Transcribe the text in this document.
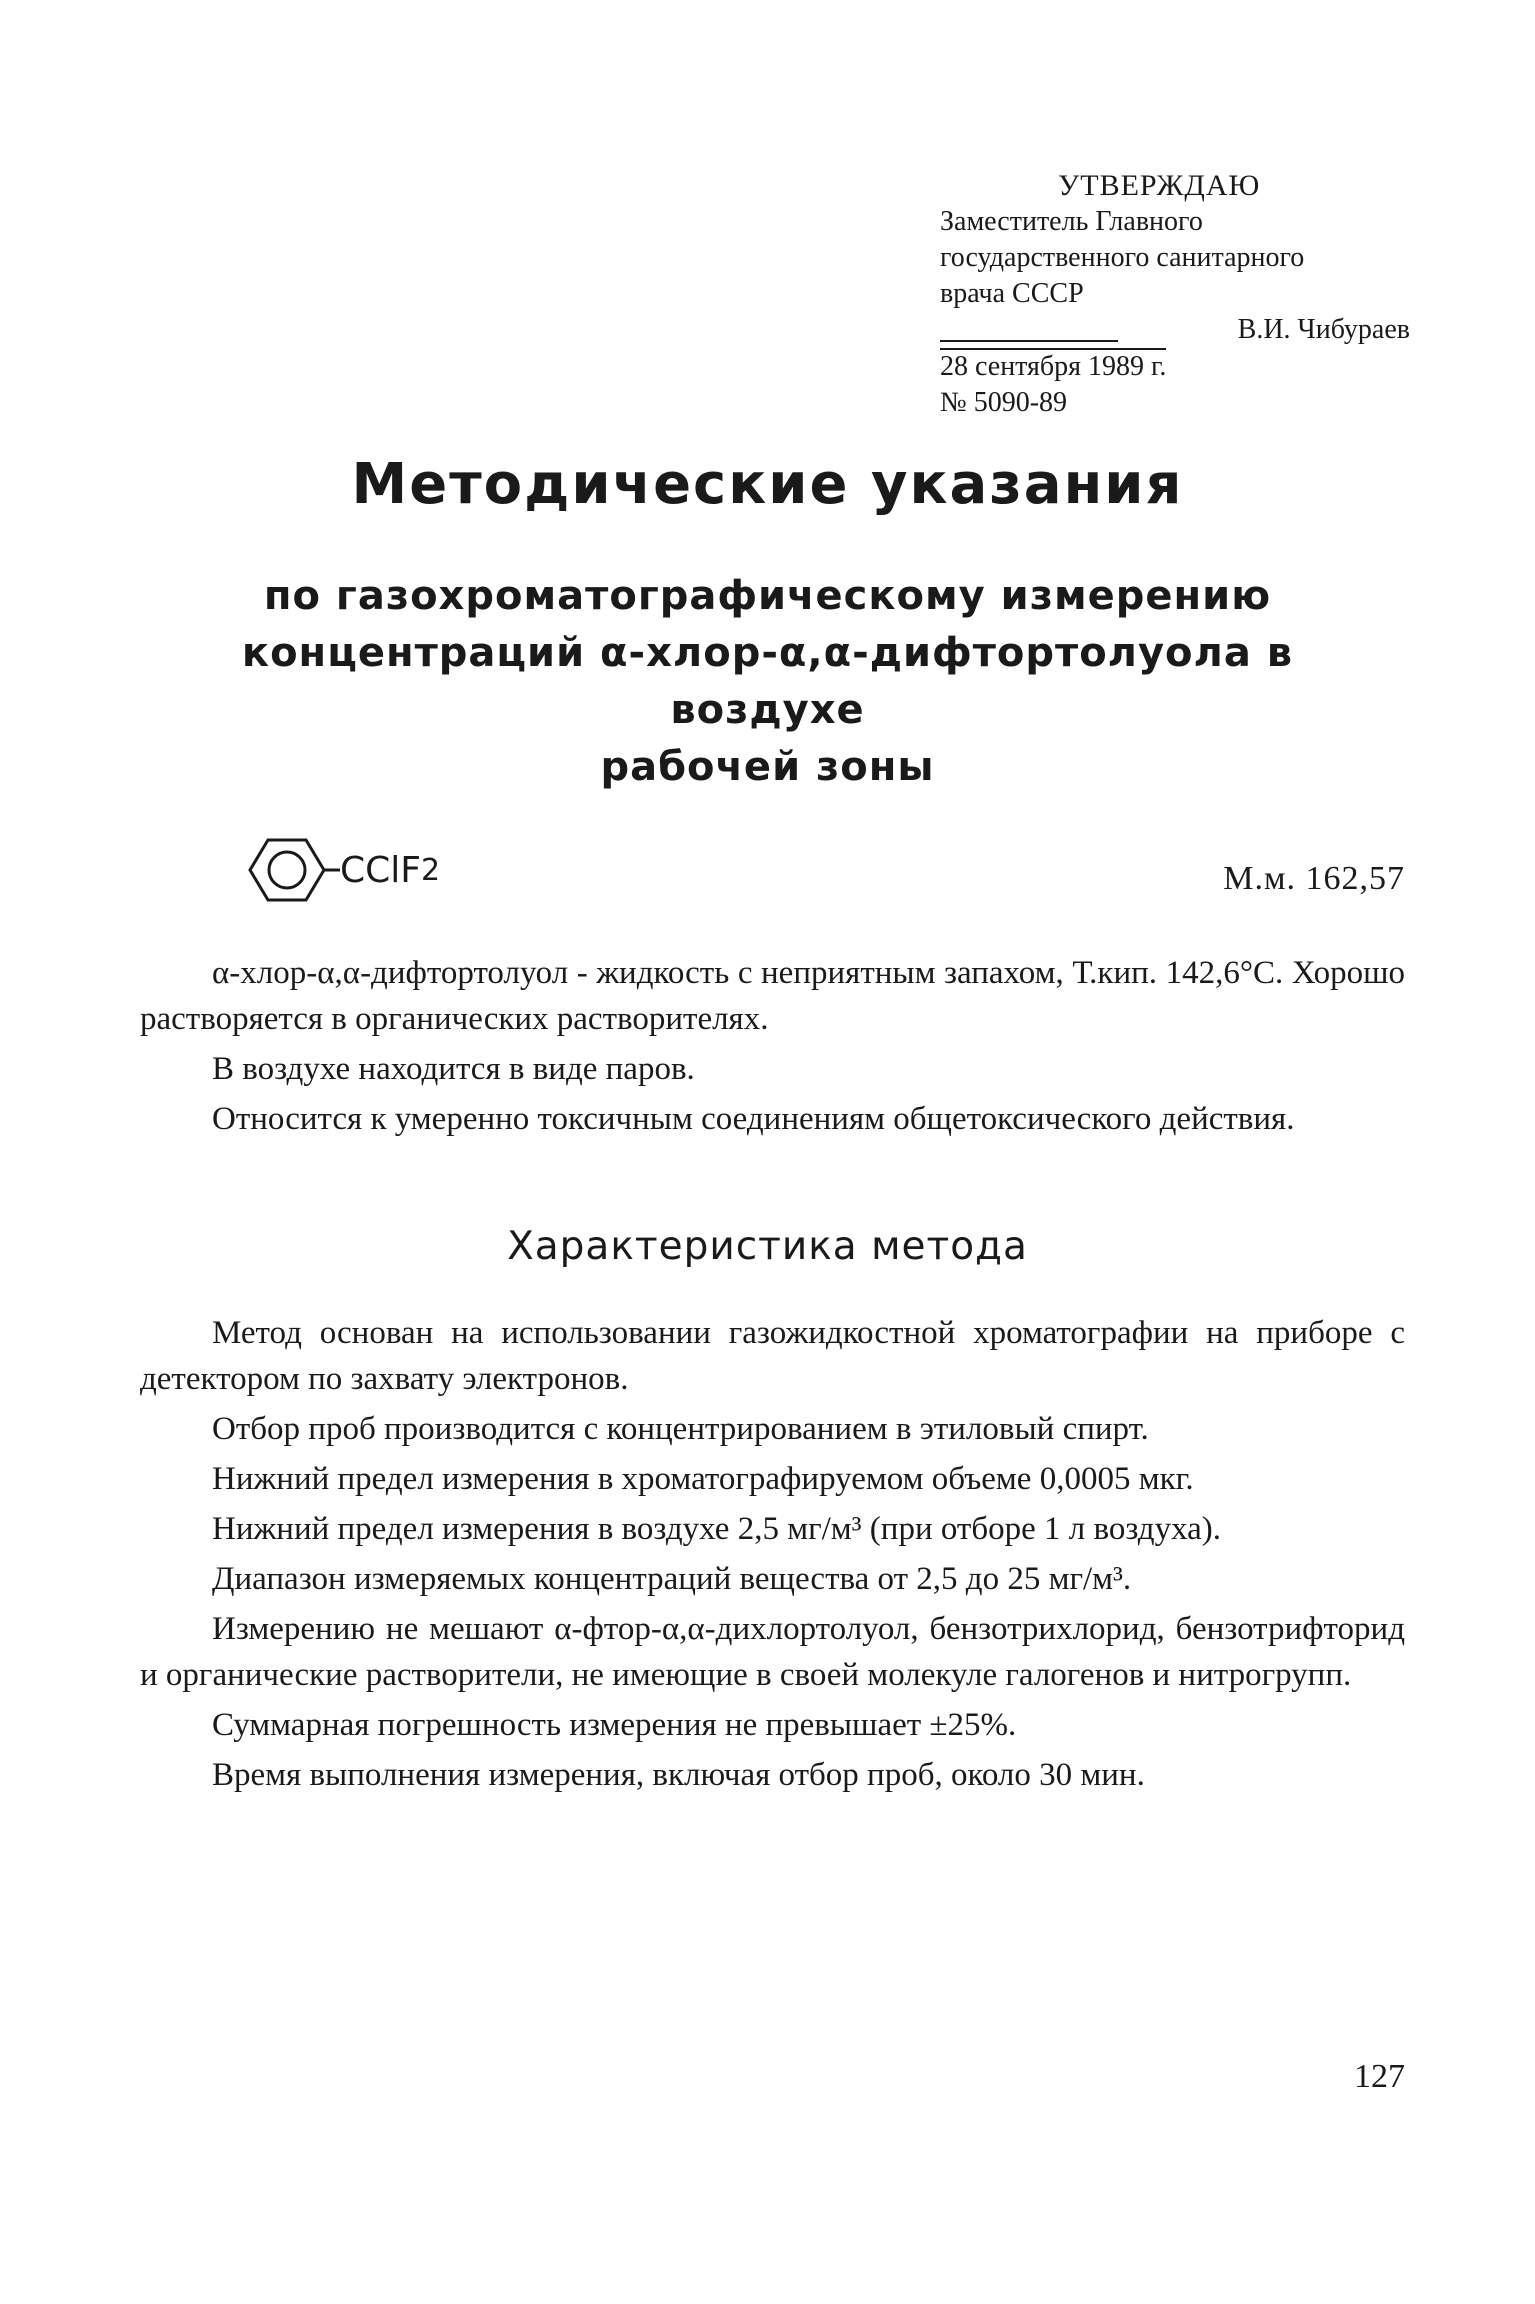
УТВЕРЖДАЮ
Заместитель Главного
государственного санитарного
врача СССР
В.И. Чибураев
28 сентября 1989 г.
№ 5090-89
Методические указания
по газохроматографическому измерению
концентраций α-хлор-α,α-дифтортолуола в воздухе
рабочей зоны
CClF 2	М.м. 162,57

α-хлор-α,α-дифтортолуол - жидкость с неприятным запахом, Т.кип. 142,6°С. Хорошо растворяется в органических растворителях.

В воздухе находится в виде паров.

Относится к умеренно токсичным соединениям общетоксического действия.

Характеристика метода

Метод основан на использовании газожидкостной хроматографии на приборе с детектором по захвату электронов.

Отбор проб производится с концентрированием в этиловый спирт.

Нижний предел измерения в хроматографируемом объеме 0,0005 мкг.

Нижний предел измерения в воздухе 2,5 мг/м³ (при отборе 1 л воздуха).

Диапазон измеряемых концентраций вещества от 2,5 до 25 мг/м³.

Измерению не мешают α-фтор-α,α-дихлортолуол, бензотрихлорид, бензотрифторид и органические растворители, не имеющие в своей молекуле галогенов и нитрогрупп.

Суммарная погрешность измерения не превышает ±25%.

Время выполнения измерения, включая отбор проб, около 30 мин.

127
